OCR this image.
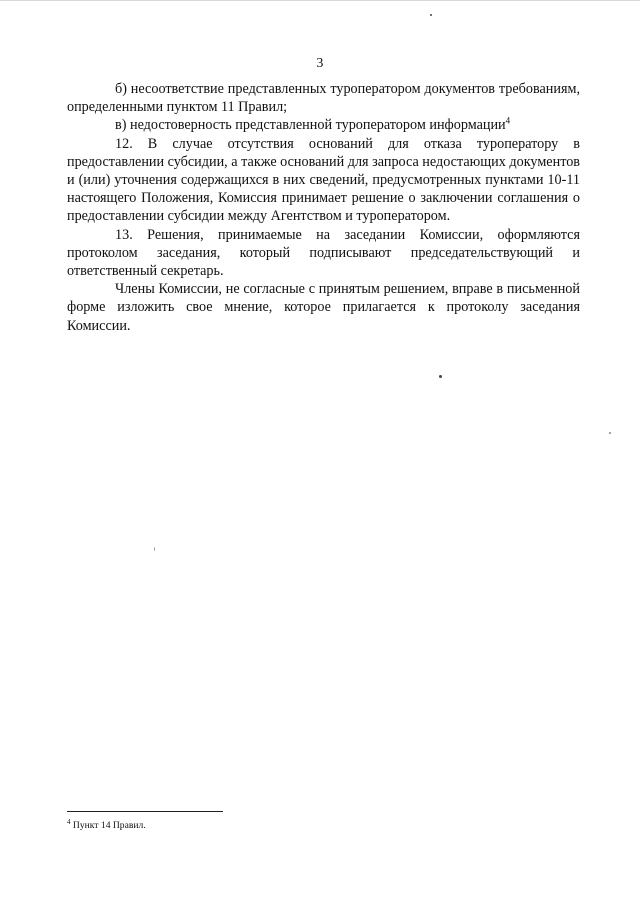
3

б) несоответствие представленных туроператором документов требованиям, определенными пунктом 11 Правил;

в) недостоверность представленной туроператором информации$^4$

12. В случае отсутствия оснований для отказа туроператору в предоставлении субсидии, а также оснований для запроса недостающих документов и (или) уточнения содержащихся в них сведений, предусмотренных пунктами 10-11 настоящего Положения, Комиссия принимает решение о заключении соглашения о предоставлении субсидии между Агентством и туроператором.

13. Решения, принимаемые на заседании Комиссии, оформляются протоколом заседания, который подписывают председательствующий и ответственный секретарь.

Члены Комиссии, не согласные с принятым решением, вправе в письменной форме изложить свое мнение, которое прилагается к протоколу заседания Комиссии.

$^4$ Пункт 14 Правил.
